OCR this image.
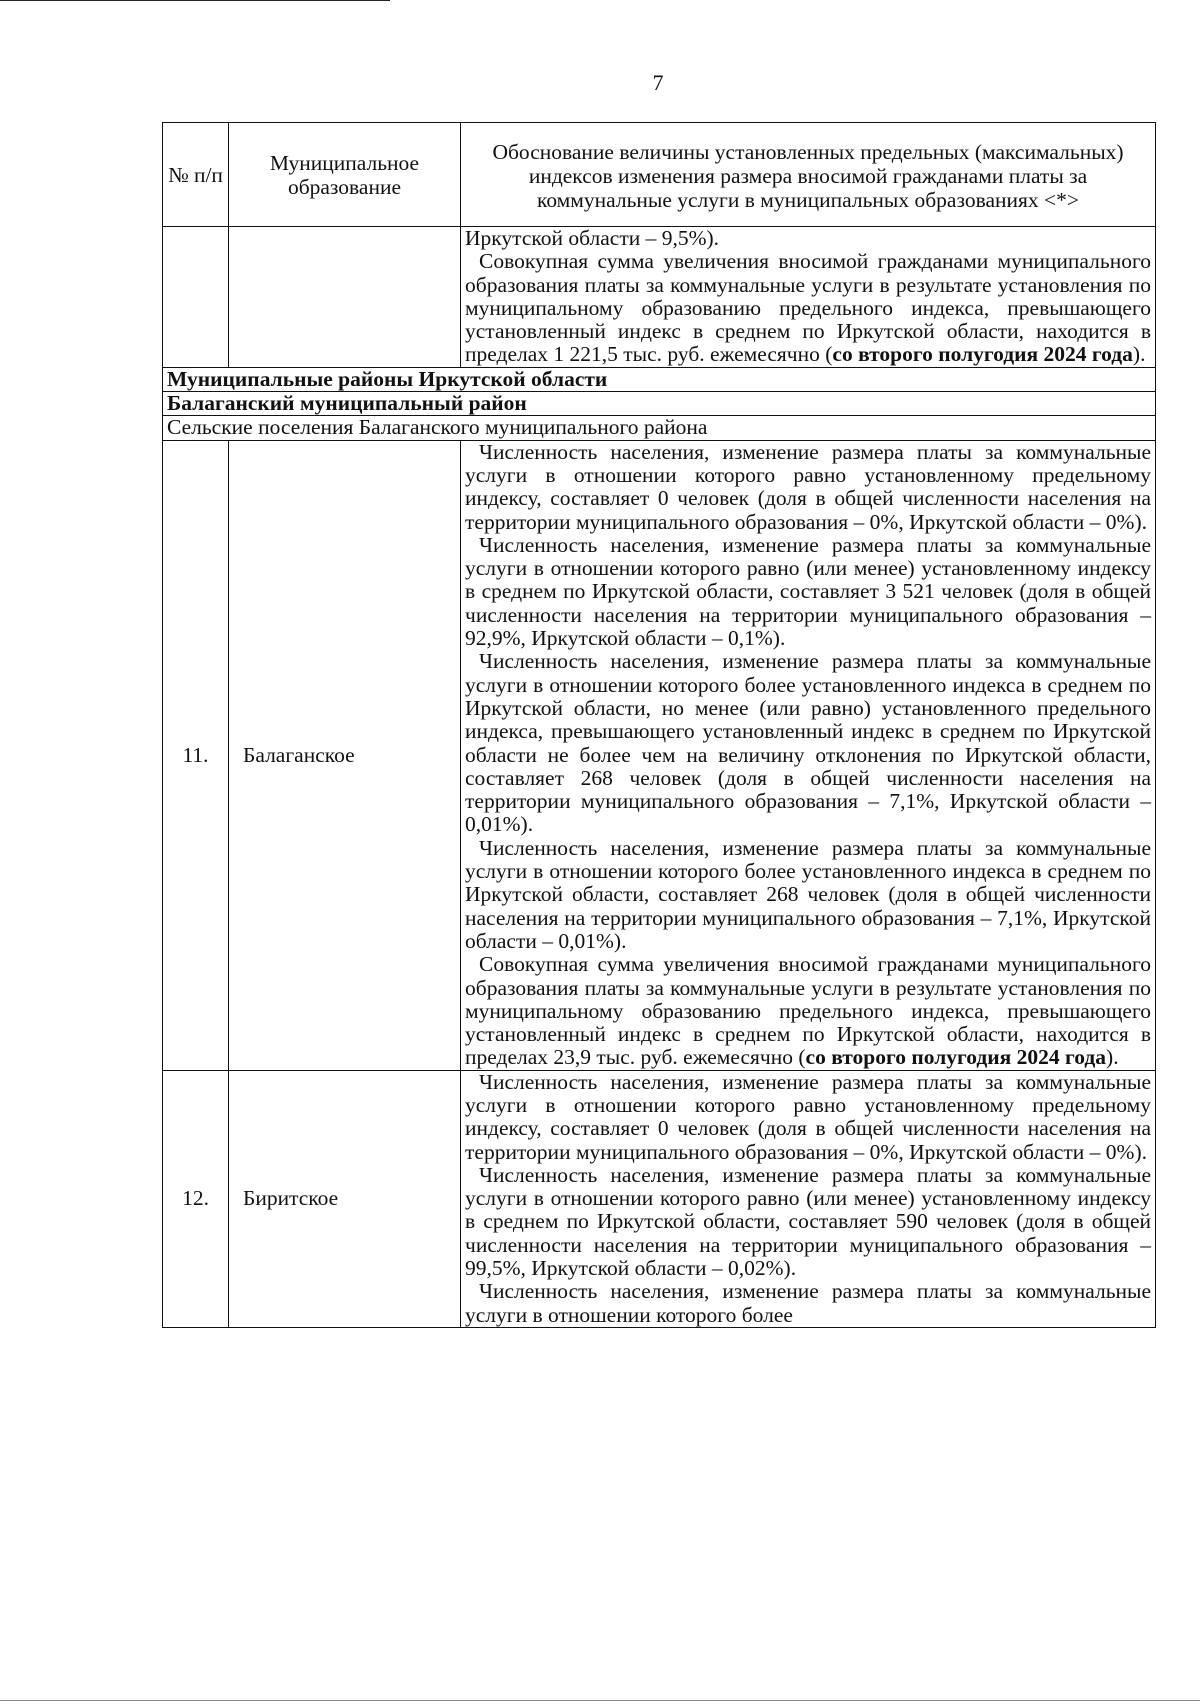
7
№ п/п	Муниципальное образование	Обоснование величины установленных предельных (максимальных) индексов изменения размера вносимой гражданами платы за коммунальные услуги в муниципальных образованиях <*>

		Иркутской области – 9,5%).

Совокупная сумма увеличения вносимой гражданами муниципального образования платы за коммунальные услуги в результате установления по муниципальному образованию предельного индекса, превышающего установленный индекс в среднем по Иркутской области, находится в пределах 1 221,5 тыс. руб. ежемесячно (со второго полугодия 2024 года).

Муниципальные районы Иркутской области		
Балаганский муниципальный район		
Сельские поселения Балаганского муниципального района		
11.	Балаганское	Численность населения, изменение размера платы за коммунальные услуги в отношении которого равно установленному предельному индексу, составляет 0 человек (доля в общей численности населения на территории муниципального образования – 0%, Иркутской области – 0%).

Численность населения, изменение размера платы за коммунальные услуги в отношении которого равно (или менее) установленному индексу в среднем по Иркутской области, составляет 3 521 человек (доля в общей численности населения на территории муниципального образования – 92,9%, Иркутской области – 0,1%).

Численность населения, изменение размера платы за коммунальные услуги в отношении которого более установленного индекса в среднем по Иркутской области, но менее (или равно) установленного предельного индекса, превышающего установленный индекс в среднем по Иркутской области не более чем на величину отклонения по Иркутской области, составляет 268 человек (доля в общей численности населения на территории муниципального образования – 7,1%, Иркутской области – 0,01%).

Численность населения, изменение размера платы за коммунальные услуги в отношении которого более установленного индекса в среднем по Иркутской области, составляет 268 человек (доля в общей численности населения на территории муниципального образования – 7,1%, Иркутской области – 0,01%).

Совокупная сумма увеличения вносимой гражданами муниципального образования платы за коммунальные услуги в результате установления по муниципальному образованию предельного индекса, превышающего установленный индекс в среднем по Иркутской области, находится в пределах 23,9 тыс. руб. ежемесячно (со второго полугодия 2024 года).

12.	Биритское	Численность населения, изменение размера платы за коммунальные услуги в отношении которого равно установленному предельному индексу, составляет 0 человек (доля в общей численности населения на территории муниципального образования – 0%, Иркутской области – 0%).

Численность населения, изменение размера платы за коммунальные услуги в отношении которого равно (или менее) установленному индексу в среднем по Иркутской области, составляет 590 человек (доля в общей численности населения на территории муниципального образования – 99,5%, Иркутской области – 0,02%).

Численность населения, изменение размера платы за коммунальные услуги в отношении которого более
